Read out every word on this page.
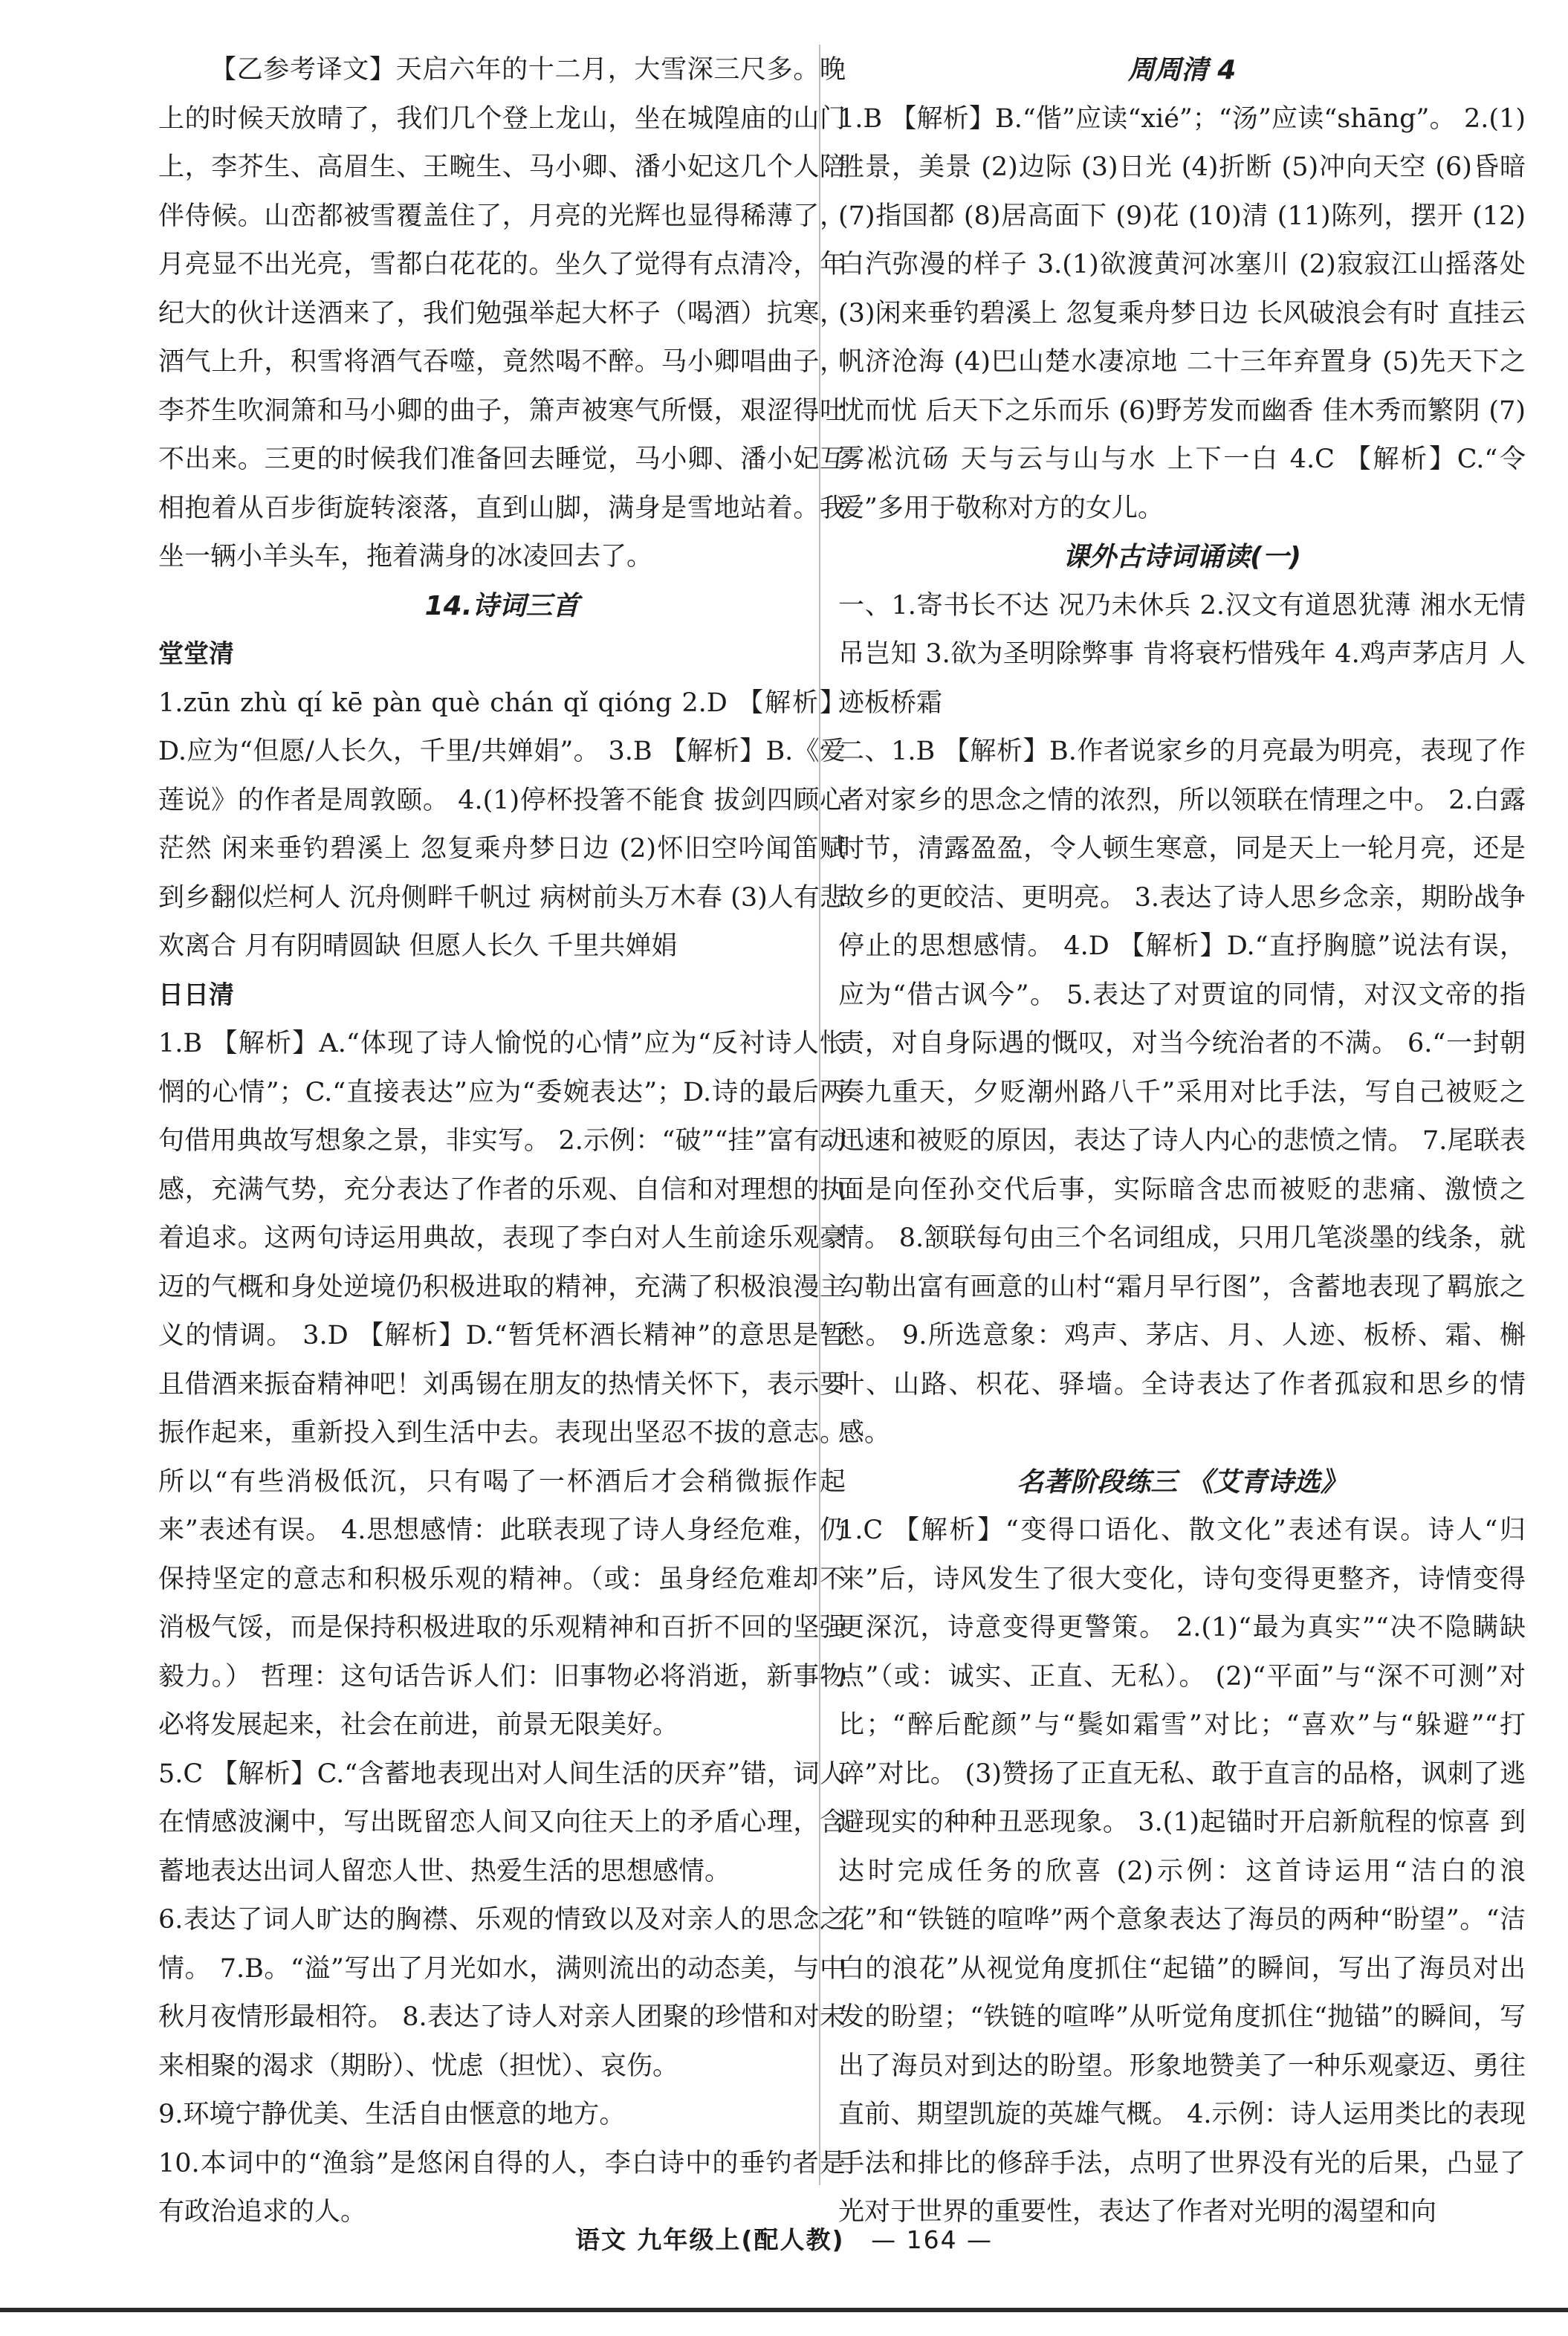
【乙参考译文】天启六年的十二月，大雪深三尺多。晚上的时候天放晴了，我们几个登上龙山，坐在城隍庙的山门上，李芥生、高眉生、王畹生、马小卿、潘小妃这几个人陪伴侍候。山峦都被雪覆盖住了，月亮的光辉也显得稀薄了，月亮显不出光亮，雪都白花花的。坐久了觉得有点清冷，年纪大的伙计送酒来了，我们勉强举起大杯子（喝酒）抗寒，酒气上升，积雪将酒气吞噬，竟然喝不醉。马小卿唱曲子，李芥生吹洞箫和马小卿的曲子，箫声被寒气所慑，艰涩得吐不出来。三更的时候我们准备回去睡觉，马小卿、潘小妃互相抱着从百步街旋转滚落，直到山脚，满身是雪地站着。我坐一辆小羊头车，拖着满身的冰凌回去了。

14.诗词三首

堂堂清

1.zūn zhù qí kē pàn què chán qǐ qióng 2.D 【解析】D.应为“但愿/人长久，千里/共婵娟”。 3.B 【解析】B.《爱莲说》的作者是周敦颐。 4.(1)停杯投箸不能食 拔剑四顾心茫然 闲来垂钓碧溪上 忽复乘舟梦日边 (2)怀旧空吟闻笛赋 到乡翻似烂柯人 沉舟侧畔千帆过 病树前头万木春 (3)人有悲欢离合 月有阴晴圆缺 但愿人长久 千里共婵娟

日日清

1.B 【解析】A.“体现了诗人愉悦的心情”应为“反衬诗人怅惘的心情”；C.“直接表达”应为“委婉表达”；D.诗的最后两句借用典故写想象之景，非实写。 2.示例：“破”“挂”富有动感，充满气势，充分表达了作者的乐观、自信和对理想的执着追求。这两句诗运用典故，表现了李白对人生前途乐观豪迈的气概和身处逆境仍积极进取的精神，充满了积极浪漫主义的情调。 3.D 【解析】D.“暂凭杯酒长精神”的意思是暂且借酒来振奋精神吧！刘禹锡在朋友的热情关怀下，表示要振作起来，重新投入到生活中去。表现出坚忍不拔的意志。所以“有些消极低沉，只有喝了一杯酒后才会稍微振作起来”表述有误。 4.思想感情：此联表现了诗人身经危难，仍保持坚定的意志和积极乐观的精神。（或：虽身经危难却不消极气馁，而是保持积极进取的乐观精神和百折不回的坚强毅力。） 哲理：这句话告诉人们：旧事物必将消逝，新事物必将发展起来，社会在前进，前景无限美好。

5.C 【解析】C.“含蓄地表现出对人间生活的厌弃”错，词人在情感波澜中，写出既留恋人间又向往天上的矛盾心理，含蓄地表达出词人留恋人世、热爱生活的思想感情。

6.表达了词人旷达的胸襟、乐观的情致以及对亲人的思念之情。 7.B。“溢”写出了月光如水，满则流出的动态美，与中秋月夜情形最相符。 8.表达了诗人对亲人团聚的珍惜和对未来相聚的渴求（期盼）、忧虑（担忧）、哀伤。

9.环境宁静优美、生活自由惬意的地方。

10.本词中的“渔翁”是悠闲自得的人，李白诗中的垂钓者是有政治追求的人。

周周清 4

1.B 【解析】B.“偕”应读“xié”；“汤”应读“shāng”。 2.(1)胜景，美景 (2)边际 (3)日光 (4)折断 (5)冲向天空 (6)昏暗 (7)指国都 (8)居高面下 (9)花 (10)清 (11)陈列，摆开 (12)白汽弥漫的样子 3.(1)欲渡黄河冰塞川 (2)寂寂江山摇落处 (3)闲来垂钓碧溪上 忽复乘舟梦日边 长风破浪会有时 直挂云帆济沧海 (4)巴山楚水凄凉地 二十三年弃置身 (5)先天下之忧而忧 后天下之乐而乐 (6)野芳发而幽香 佳木秀而繁阴 (7)雾凇沆砀 天与云与山与水 上下一白 4.C 【解析】C.“令爱”多用于敬称对方的女儿。

课外古诗词诵读(一)

一、1.寄书长不达 况乃未休兵 2.汉文有道恩犹薄 湘水无情吊岂知 3.欲为圣明除弊事 肯将衰朽惜残年 4.鸡声茅店月 人迹板桥霜

二、1.B 【解析】B.作者说家乡的月亮最为明亮，表现了作者对家乡的思念之情的浓烈，所以领联在情理之中。 2.白露时节，清露盈盈，令人顿生寒意，同是天上一轮月亮，还是故乡的更皎洁、更明亮。 3.表达了诗人思乡念亲，期盼战争停止的思想感情。 4.D 【解析】D.“直抒胸臆”说法有误，应为“借古讽今”。 5.表达了对贾谊的同情，对汉文帝的指责，对自身际遇的慨叹，对当今统治者的不满。 6.“一封朝奏九重天，夕贬潮州路八千”采用对比手法，写自己被贬之迅速和被贬的原因，表达了诗人内心的悲愤之情。 7.尾联表面是向侄孙交代后事，实际暗含忠而被贬的悲痛、激愤之情。 8.颔联每句由三个名词组成，只用几笔淡墨的线条，就勾勒出富有画意的山村“霜月早行图”，含蓄地表现了羁旅之愁。 9.所选意象：鸡声、茅店、月、人迹、板桥、霜、槲叶、山路、枳花、驿墙。全诗表达了作者孤寂和思乡的情感。

名著阶段练三 《艾青诗选》

1.C 【解析】“变得口语化、散文化”表述有误。诗人“归来”后，诗风发生了很大变化，诗句变得更整齐，诗情变得更深沉，诗意变得更警策。 2.(1)“最为真实”“决不隐瞒缺点”（或：诚实、正直、无私）。 (2)“平面”与“深不可测”对比；“醉后酡颜”与“鬓如霜雪”对比；“喜欢”与“躲避”“打碎”对比。 (3)赞扬了正直无私、敢于直言的品格，讽刺了逃避现实的种种丑恶现象。 3.(1)起锚时开启新航程的惊喜 到达时完成任务的欣喜 (2)示例：这首诗运用“洁白的浪花”和“铁链的喧哗”两个意象表达了海员的两种“盼望”。“洁白的浪花”从视觉角度抓住“起锚”的瞬间，写出了海员对出发的盼望；“铁链的喧哗”从听觉角度抓住“抛锚”的瞬间，写出了海员对到达的盼望。形象地赞美了一种乐观豪迈、勇往直前、期望凯旋的英雄气概。 4.示例：诗人运用类比的表现手法和排比的修辞手法，点明了世界没有光的后果，凸显了光对于世界的重要性，表达了作者对光明的渴望和向

语文 九年级上(配人教) — 164 —
